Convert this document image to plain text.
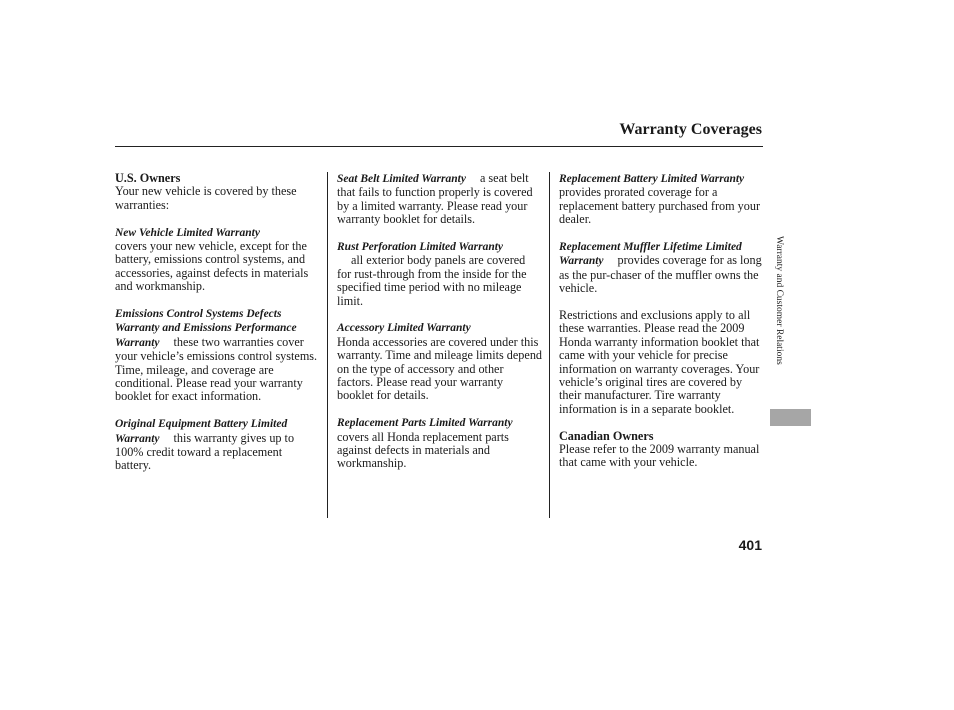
Warranty Coverages
U.S. Owners
Your new vehicle is covered by these warranties:
New Vehicle Limited Warranty
covers your new vehicle, except for the battery, emissions control systems, and accessories, against defects in materials and workmanship.
Emissions Control Systems Defects Warranty and Emissions Performance Warranty these two warranties cover your vehicle’s emissions control systems. Time, mileage, and coverage are conditional. Please read your warranty booklet for exact information.
Original Equipment Battery Limited Warranty this warranty gives up to 100% credit toward a replacement battery.
Seat Belt Limited Warranty a seat belt that fails to function properly is covered by a limited warranty. Please read your warranty booklet for details.
Rust Perforation Limited Warranty
all exterior body panels are covered for rust-through from the inside for the specified time period with no mileage limit.
Accessory Limited Warranty
Honda accessories are covered under this warranty. Time and mileage limits depend on the type of accessory and other factors. Please read your warranty booklet for details.
Replacement Parts Limited Warrantycovers all Honda replacement parts against defects in materials and workmanship.
Replacement Battery Limited Warrantyprovides prorated coverage for a replacement battery purchased from your dealer.
Replacement Muffler Lifetime Limited Warranty provides coverage for as long as the pur-chaser of the muffler owns the vehicle.
Restrictions and exclusions apply to all these warranties. Please read the 2009 Honda warranty information booklet that came with your vehicle for precise information on warranty coverages. Your vehicle’s original tires are covered by their manufacturer. Tire warranty information is in a separate booklet.
Canadian Owners
Please refer to the 2009 warranty manual that came with your vehicle.
Warranty and Customer Relations
401
